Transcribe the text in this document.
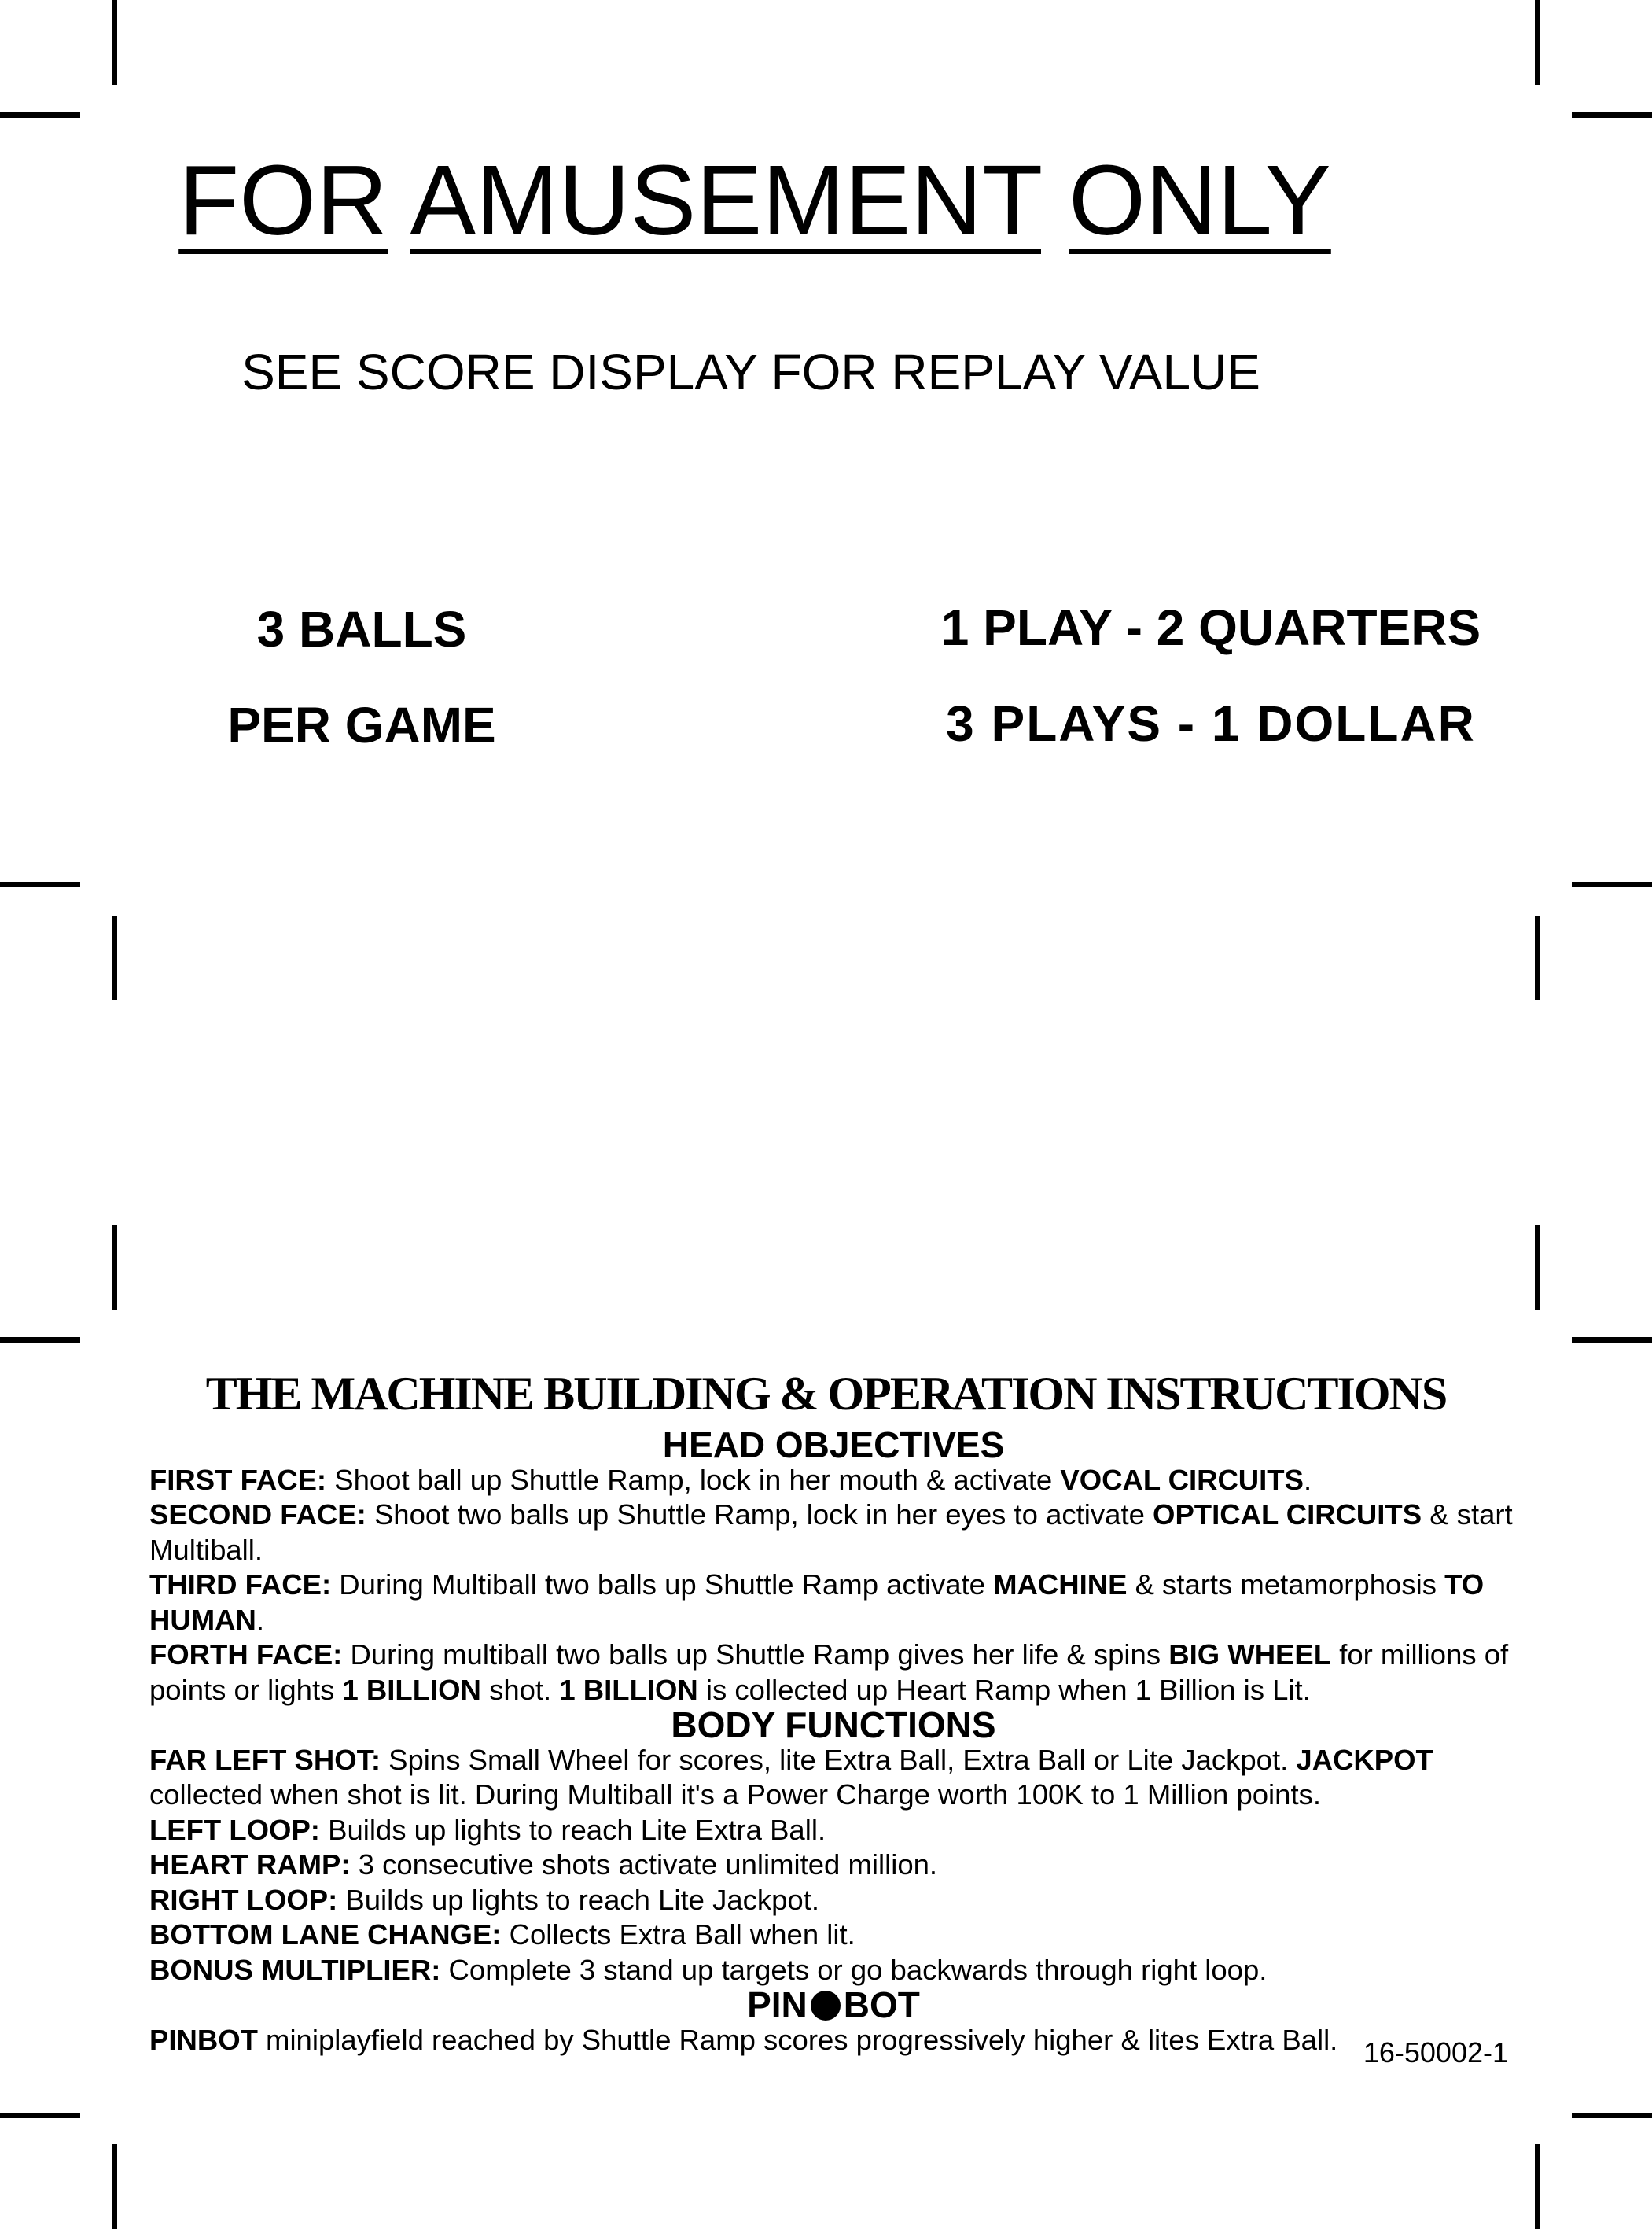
FOR AMUSEMENT ONLY
SEE SCORE DISPLAY FOR REPLAY VALUE
3 BALLS
PER GAME
1 PLAY - 2 QUARTERS
3 PLAYS - 1 DOLLAR
THE MACHINE BUILDING & OPERATION INSTRUCTIONS
HEAD OBJECTIVES

FIRST FACE: Shoot ball up Shuttle Ramp, lock in her mouth & activate VOCAL CIRCUITS.

SECOND FACE: Shoot two balls up Shuttle Ramp, lock in her eyes to activate OPTICAL CIRCUITS & start Multiball.

THIRD FACE: During Multiball two balls up Shuttle Ramp activate MACHINE & starts metamorphosis TO HUMAN.

FORTH FACE: During multiball two balls up Shuttle Ramp gives her life & spins BIG WHEEL for millions of points or lights 1 BILLION shot. 1 BILLION is collected up Heart Ramp when 1 Billion is Lit.

BODY FUNCTIONS

FAR LEFT SHOT: Spins Small Wheel for scores, lite Extra Ball, Extra Ball or Lite Jackpot. JACKPOT collected when shot is lit. During Multiball it's a Power Charge worth 100K to 1 Million points.

LEFT LOOP: Builds up lights to reach Lite Extra Ball.

HEART RAMP: 3 consecutive shots activate unlimited million.

RIGHT LOOP: Builds up lights to reach Lite Jackpot.

BOTTOM LANE CHANGE: Collects Extra Ball when lit.

BONUS MULTIPLIER: Complete 3 stand up targets or go backwards through right loop.

PIN BOT

PINBOT miniplayfield reached by Shuttle Ramp scores progressively higher & lites Extra Ball. 16-50002-1
